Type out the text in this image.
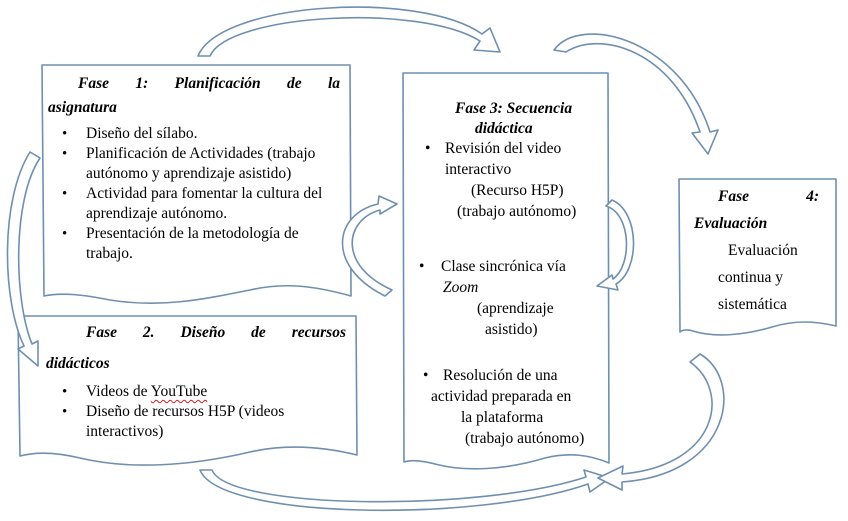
Fase 1: Planificación de la
asignatura
• Diseño del sílabo.
• Planificación de Actividades (trabajo autónomo y aprendizaje asistido)
• Actividad para fomentar la cultura del aprendizaje autónomo.
• Presentación de la metodología de trabajo.
Fase 2. Diseño de recursos
didácticos
• Videos de YouTube
• Diseño de recursos H5P (videos interactivos)
Fase 3: Secuencia
didáctica
• Revisión del video
interactivo
(Recurso H5P)
(trabajo autónomo)
•	Clase sincrónica vía
Zoom
(aprendizaje
asistido)
• Resolución de una
actividad preparada en
la plataforma
(trabajo autónomo)
Fase 4:
Evaluación
Evaluación
continua y
sistemática
